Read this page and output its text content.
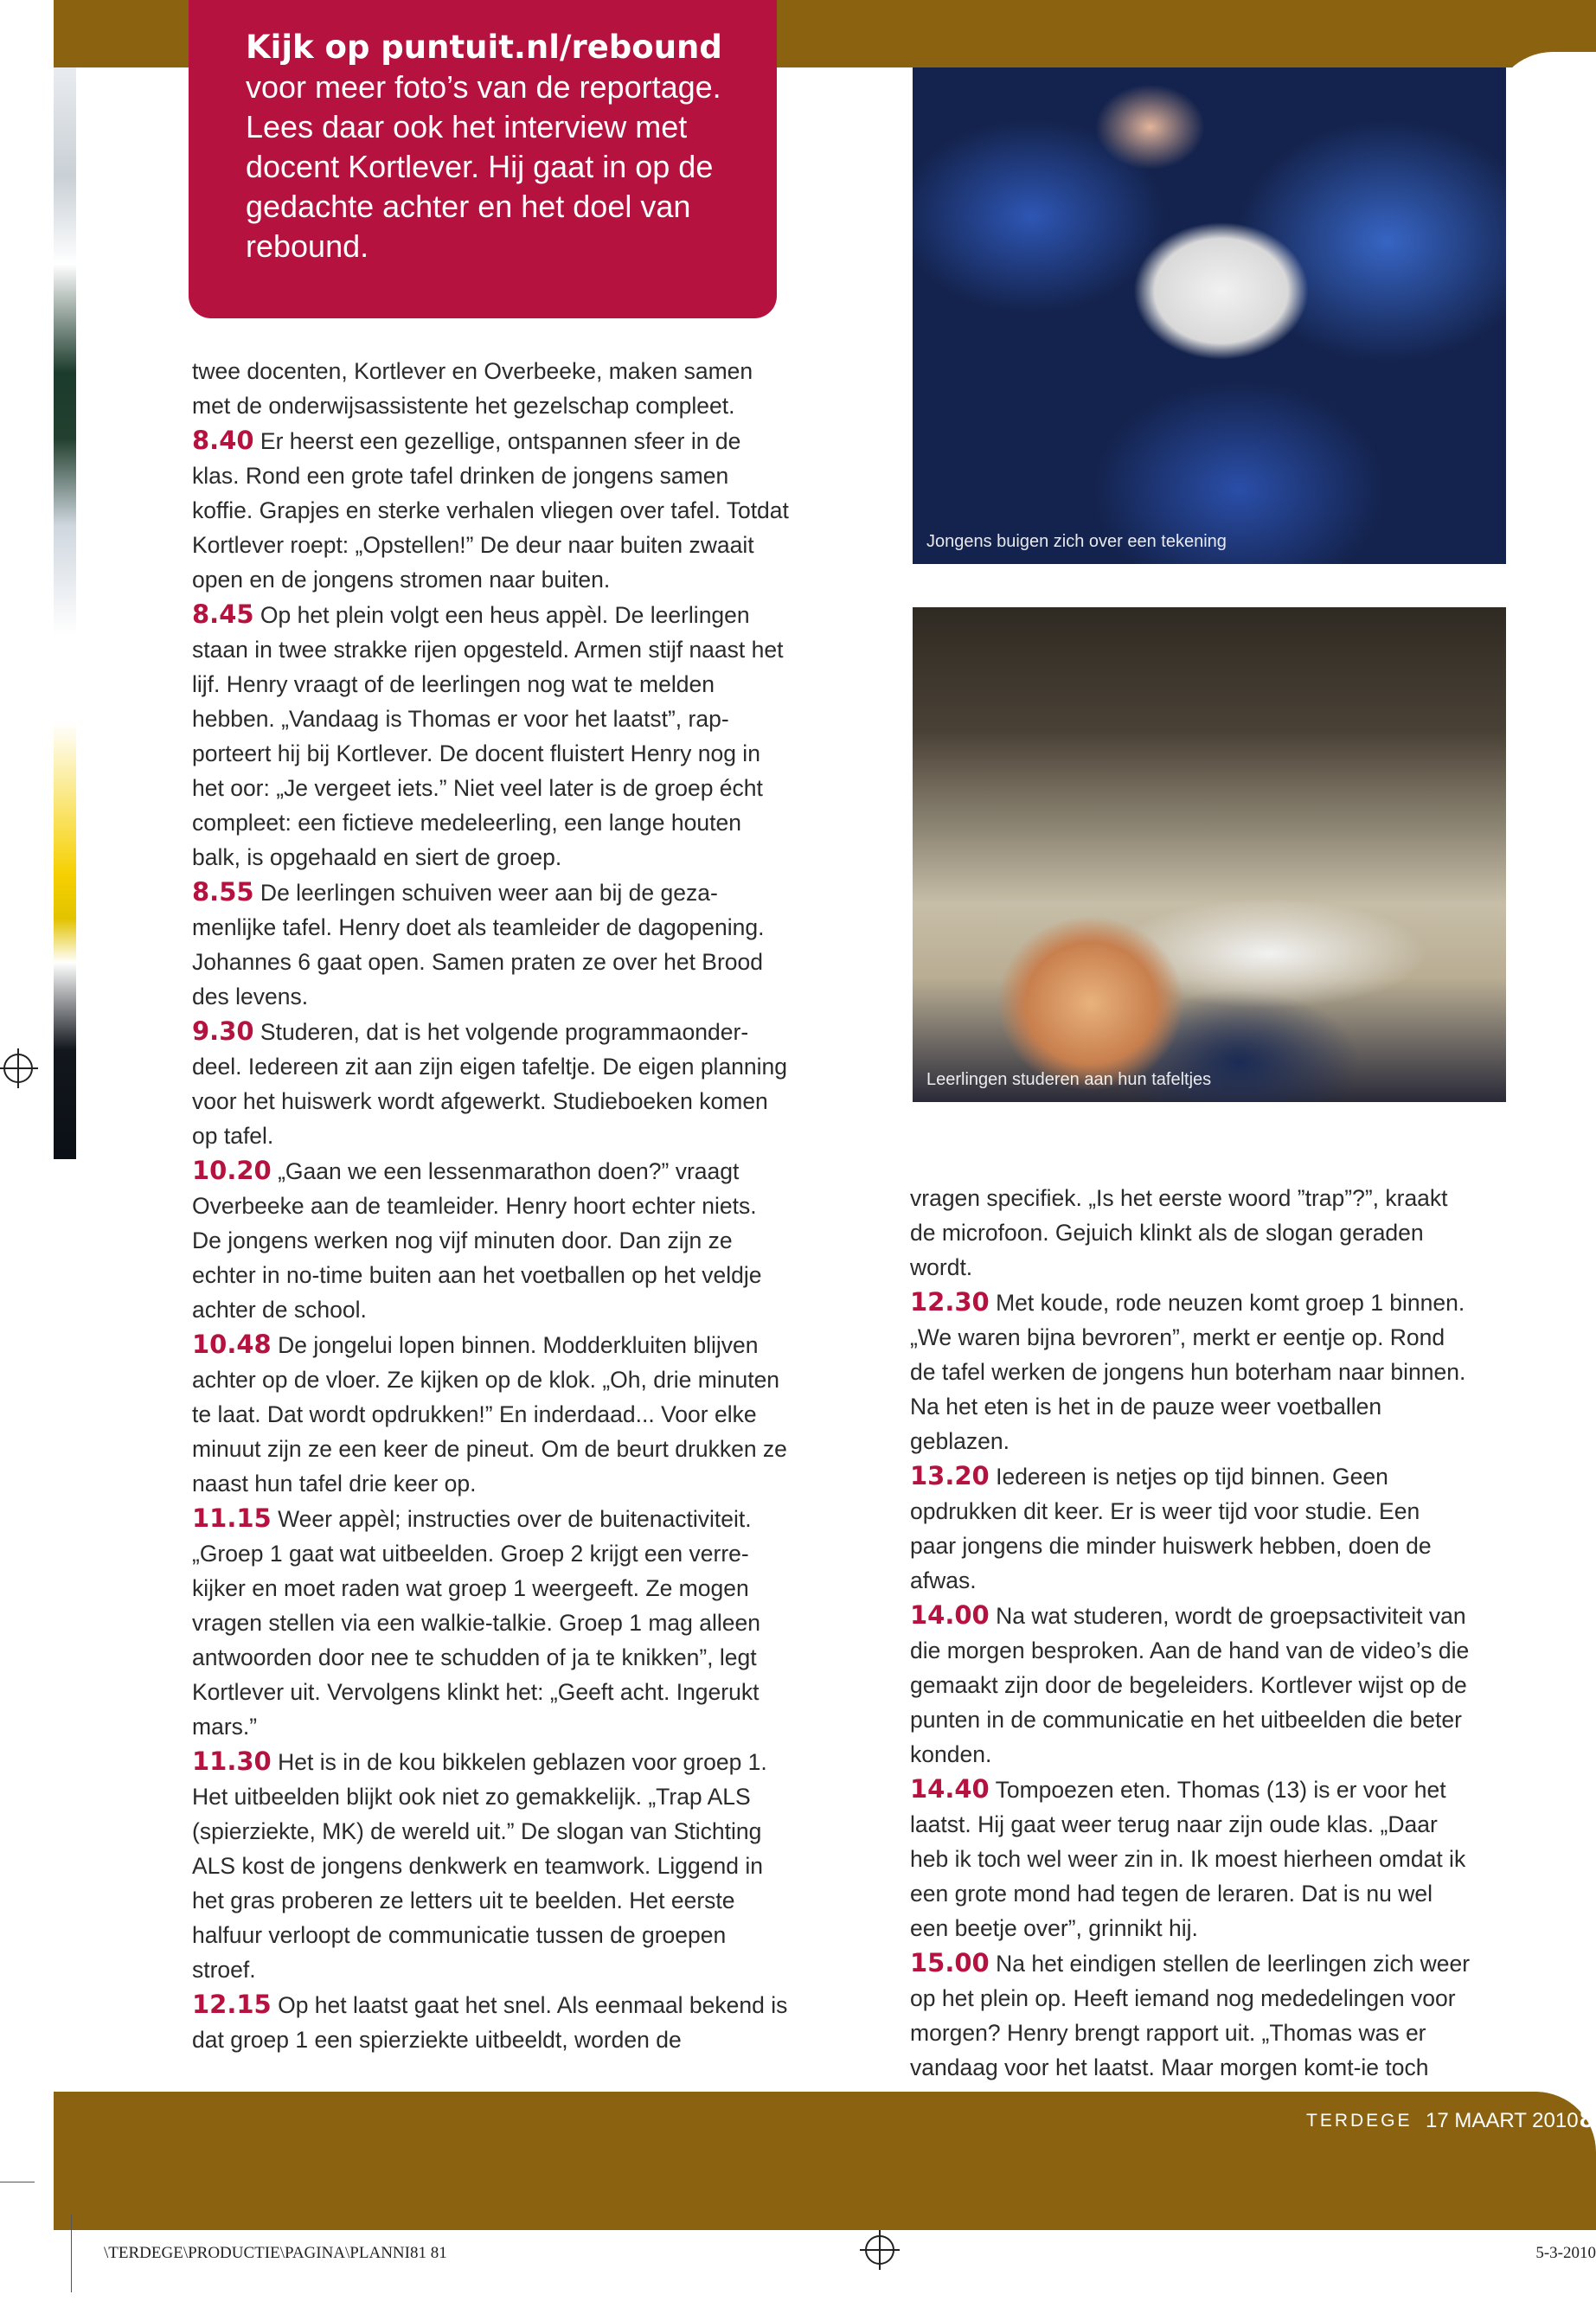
Kijk op puntuit.nl/rebound
voor meer foto’s van de reportage. Lees daar ook het interview met docent Kortlever. Hij gaat in op de gedachte achter en het doel van rebound.
Jongens buigen zich over een tekening
Leerlingen studeren aan hun tafeltjes

twee docenten, Kortlever en Overbeeke, maken samen met de onderwijsassistente het gezelschap compleet.

8.40 Er heerst een gezellige, ontspannen sfeer in de klas. Rond een grote tafel drinken de jongens samen koffie. Grapjes en sterke verhalen vliegen over tafel. Totdat Kortlever roept: „Opstellen!” De deur naar buiten zwaait open en de jongens stromen naar buiten.

8.45 Op het plein volgt een heus appèl. De leerlingen staan in twee strakke rijen opgesteld. Armen stijf naast het lijf. Henry vraagt of de leerlingen nog wat te melden hebben. „Vandaag is Thomas er voor het laatst”, rapporteert hij bij Kortlever. De docent fluistert Henry nog in het oor: „Je vergeet iets.” Niet veel later is de groep écht compleet: een fictieve medeleerling, een lange houten balk, is opgehaald en siert de groep.

8.55 De leerlingen schuiven weer aan bij de gezamenlijke tafel. Henry doet als teamleider de dagopening. Johannes 6 gaat open. Samen praten ze over het Brood des levens.

9.30 Studeren, dat is het volgende programmaonderdeel. Iedereen zit aan zijn eigen tafeltje. De eigen planning voor het huiswerk wordt afgewerkt. Studieboeken komen op tafel.

10.20 „Gaan we een lessenmarathon doen?” vraagt Overbeeke aan de teamleider. Henry hoort echter niets. De jongens werken nog vijf minuten door. Dan zijn ze echter in no-time buiten aan het voetballen op het veldje achter de school.

10.48 De jongelui lopen binnen. Modderkluiten blijven achter op de vloer. Ze kijken op de klok. „Oh, drie minuten te laat. Dat wordt opdrukken!” En inderdaad... Voor elke minuut zijn ze een keer de pineut. Om de beurt drukken ze naast hun tafel drie keer op.

11.15 Weer appèl; instructies over de buitenactiviteit. „Groep 1 gaat wat uitbeelden. Groep 2 krijgt een verrekijker en moet raden wat groep 1 weergeeft. Ze mogen vragen stellen via een walkie-talkie. Groep 1 mag alleen antwoorden door nee te schudden of ja te knikken”, legt Kortlever uit. Vervolgens klinkt het: „Geeft acht. Ingerukt mars.”

11.30 Het is in de kou bikkelen geblazen voor groep 1. Het uitbeelden blijkt ook niet zo gemakkelijk. „Trap ALS (spierziekte, MK) de wereld uit.” De slogan van Stichting ALS kost de jongens denkwerk en teamwork. Liggend in het gras proberen ze letters uit te beelden. Het eerste halfuur verloopt de communicatie tussen de groepen stroef.

12.15 Op het laatst gaat het snel. Als eenmaal bekend is dat groep 1 een spierziekte uitbeeldt, worden de

vragen specifiek. „Is het eerste woord ”trap”?”, kraakt de microfoon. Gejuich klinkt als de slogan geraden wordt.

12.30 Met koude, rode neuzen komt groep 1 binnen. „We waren bijna bevroren”, merkt er eentje op. Rond de tafel werken de jongens hun boterham naar binnen. Na het eten is het in de pauze weer voetballen geblazen.

13.20 Iedereen is netjes op tijd binnen. Geen opdrukken dit keer. Er is weer tijd voor studie. Een paar jongens die minder huiswerk hebben, doen de afwas.

14.00 Na wat studeren, wordt de groepsactiviteit van die morgen besproken. Aan de hand van de video’s die gemaakt zijn door de begeleiders. Kortlever wijst op de punten in de communicatie en het uitbeelden die beter konden.

14.40 Tompoezen eten. Thomas (13) is er voor het laatst. Hij gaat weer terug naar zijn oude klas. „Daar heb ik toch wel weer zin in. Ik moest hierheen omdat ik een grote mond had tegen de leraren. Dat is nu wel een beetje over”, grinnikt hij.

15.00 Na het eindigen stellen de leerlingen zich weer op het plein op. Heeft iemand nog mededelingen voor morgen? Henry brengt rapport uit. „Thomas was er vandaag voor het laatst. Maar morgen komt-ie toch

TERDEGE 17 MAART 2010 8
\TERDEGE\PRODUCTIE\PAGINA\PLANNI81 81	5-3-2010
